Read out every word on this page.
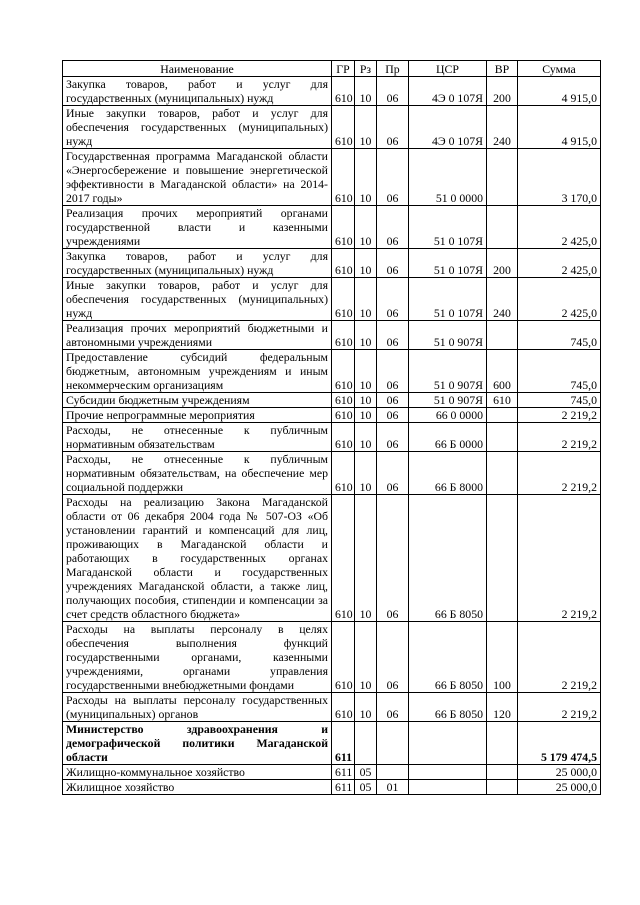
Наименование	ГР	Рз	Пр	ЦСР	ВР	Сумма
Закупка товаров, работ и услуг для государственных (муниципальных) нужд	610	10	06	4Э 0 107Я	200	4 915,0
Иные закупки товаров, работ и услуг для обеспечения государственных (муниципальных) нужд	610	10	06	4Э 0 107Я	240	4 915,0
Государственная программа Магаданской области «Энергосбережение и повышение энергетической эффективности в Магаданской области» на 2014-2017 годы»	610	10	06	51 0 0000		3 170,0
Реализация прочих мероприятий органами государственной власти и казенными учреждениями	610	10	06	51 0 107Я		2 425,0
Закупка товаров, работ и услуг для государственных (муниципальных) нужд	610	10	06	51 0 107Я	200	2 425,0
Иные закупки товаров, работ и услуг для обеспечения государственных (муниципальных) нужд	610	10	06	51 0 107Я	240	2 425,0
Реализация прочих мероприятий бюджетными и автономными учреждениями	610	10	06	51 0 907Я		745,0
Предоставление субсидий федеральным бюджетным, автономным учреждениям и иным некоммерческим организациям	610	10	06	51 0 907Я	600	745,0
Субсидии бюджетным учреждениям	610	10	06	51 0 907Я	610	745,0
Прочие непрограммные мероприятия	610	10	06	66 0 0000		2 219,2
Расходы, не отнесенные к публичным нормативным обязательствам	610	10	06	66 Б 0000		2 219,2
Расходы, не отнесенные к публичным нормативным обязательствам, на обеспечение мер социальной поддержки	610	10	06	66 Б 8000		2 219,2
Расходы на реализацию Закона Магаданской области от 06 декабря 2004 года № 507-ОЗ «Об установлении гарантий и компенсаций для лиц, проживающих в Магаданской области и работающих в государственных органах Магаданской области и государственных учреждениях Магаданской области, а также лиц, получающих пособия, стипендии и компенсации за счет средств областного бюджета»	610	10	06	66 Б 8050		2 219,2
Расходы на выплаты персоналу в целях обеспечения выполнения функций государственными органами, казенными учреждениями, органами управления государственными внебюджетными фондами	610	10	06	66 Б 8050	100	2 219,2
Расходы на выплаты персоналу государственных (муниципальных) органов	610	10	06	66 Б 8050	120	2 219,2
Министерство здравоохранения и демографической политики Магаданской области	611					5 179 474,5
Жилищно-коммунальное хозяйство	611	05				25 000,0
Жилищное хозяйство	611	05	01			25 000,0
